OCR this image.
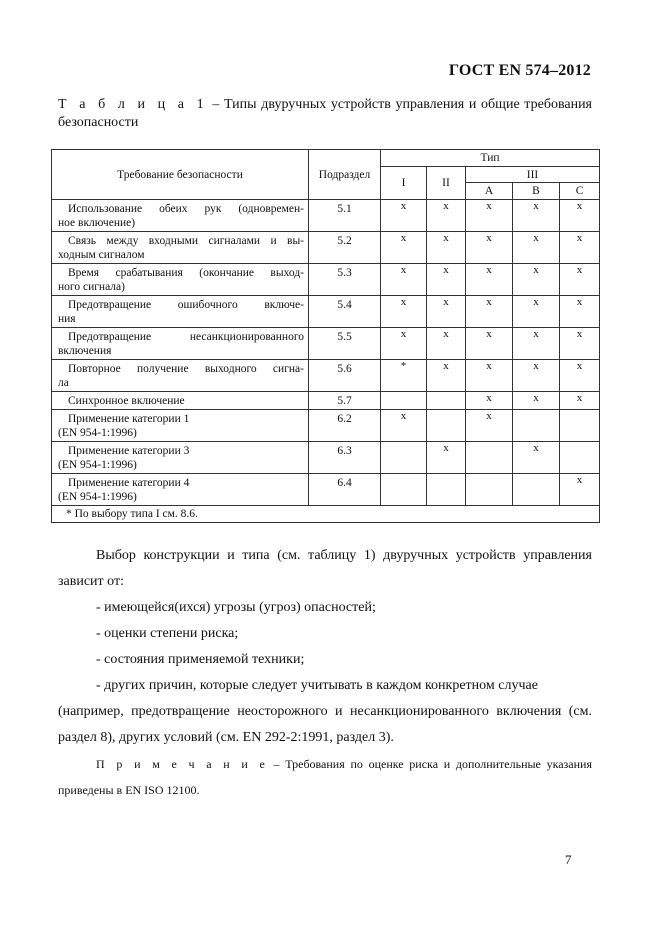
ГОСТ EN 574–2012
Т а б л и ц а 1 – Типы двуручных устройств управления и общие требования безопасности
Требование безопасности	Подраздел	Тип				
		I	II	III		
				A	B	C

Использование обеих рук (одновремен-
ное включение)	5.1	x	x	x	x	x

Связь между входными сигналами и вы-
ходным сигналом	5.2	x	x	x	x	x

Время срабатывания (окончание выход-
ного сигнала)	5.3	x	x	x	x	x

Предотвращение ошибочного включе-
ния	5.4	x	x	x	x	x

Предотвращение несанкционированного
включения	5.5	x	x	x	x	x

Повторное получение выходного сигна-
ла	5.6	*	x	x	x	x

Синхронное включение	5.7			x	x	x

Применение категории 1
(EN 954-1:1996)	6.2	x		x		

Применение категории 3
(EN 954-1:1996)	6.3		x		x	

Применение категории 4
(EN 954-1:1996)	6.4					x
* По выбору типа I см. 8.6.						

Выбор конструкции и типа (см. таблицу 1) двуручных устройств управления зависит от:

- имеющейся(ихся) угрозы (угроз) опасностей;

- оценки степени риска;

- состояния применяемой техники;

- других причин, которые следует учитывать в каждом конкретном случае

(например, предотвращение неосторожного и несанкционированного включения (см. раздел 8), других условий (см. EN 292-2:1991, раздел 3).

П р и м е ч а н и е – Требования по оценке риска и дополнительные указания приведены в EN ISO 12100.

7
